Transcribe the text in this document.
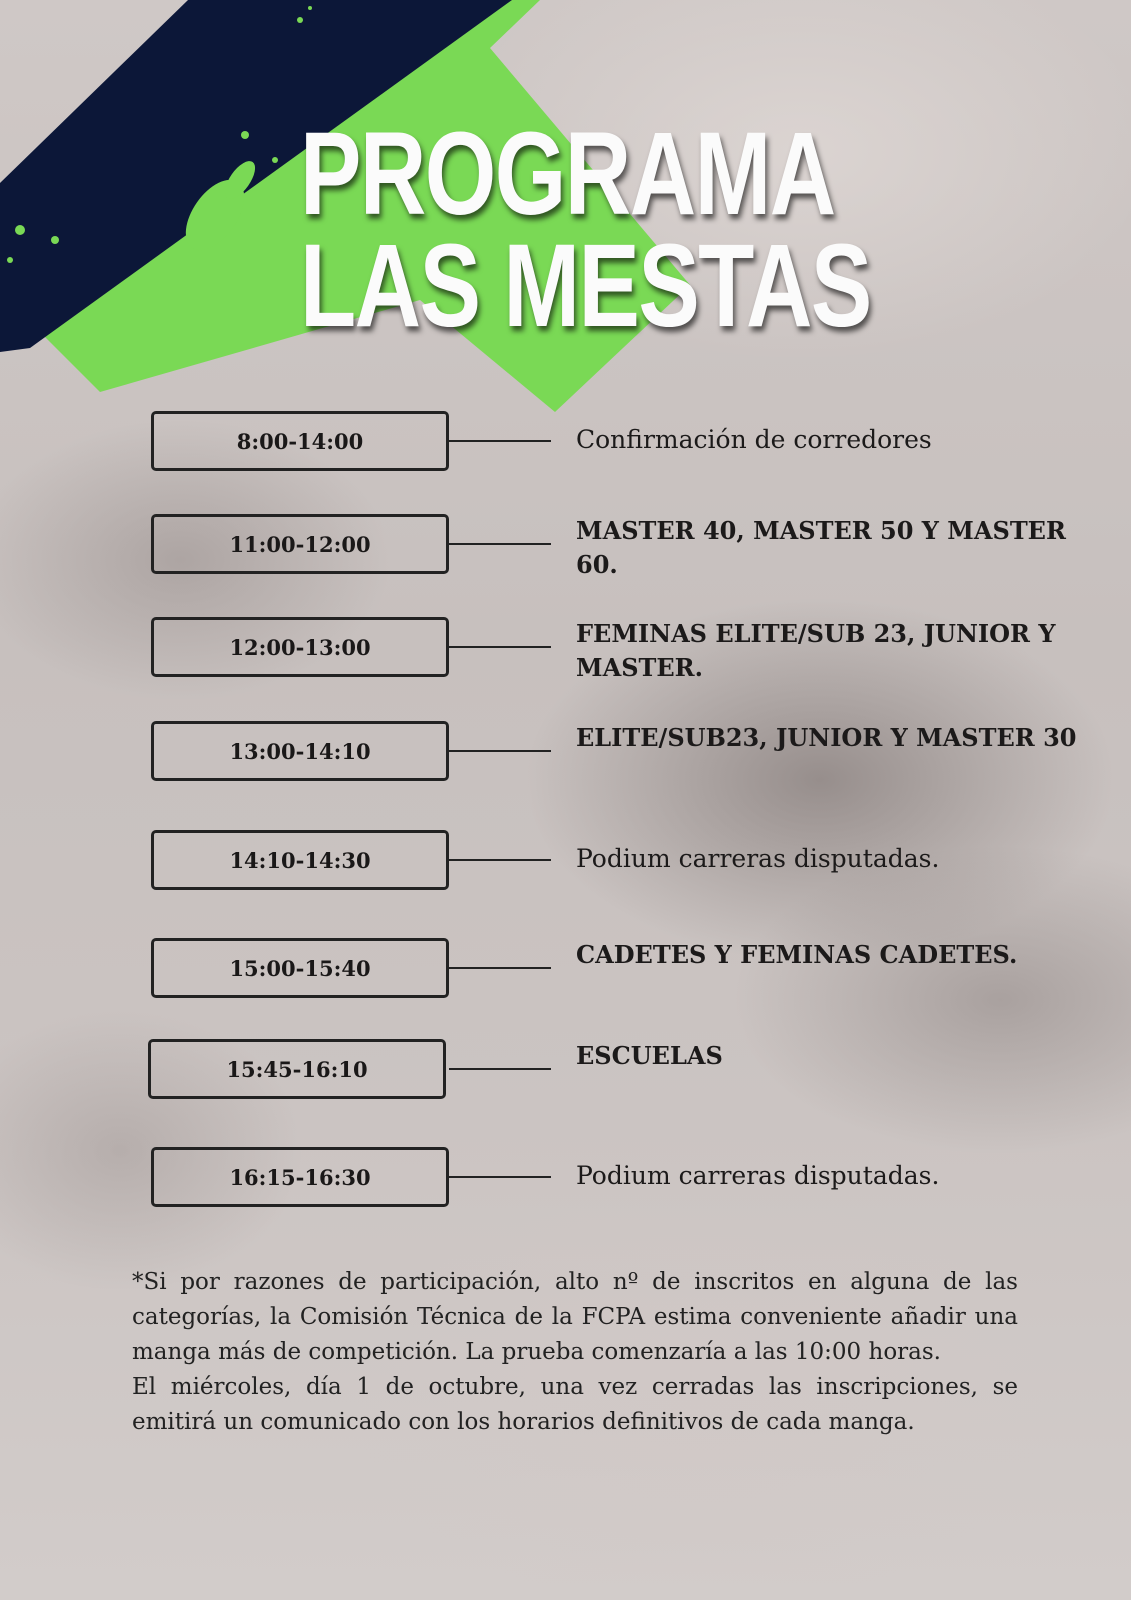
PROGRAMA
LAS MESTAS
8:00-14:00	Confirmación de corredores
11:00-12:00	MASTER 40, MASTER 50 Y MASTER 60.
12:00-13:00	FEMINAS ELITE/SUB 23, JUNIOR Y MASTER.
13:00-14:10	ELITE/SUB23, JUNIOR Y MASTER 30
14:10-14:30	Podium carreras disputadas.
15:00-15:40	CADETES Y FEMINAS CADETES.
15:45-16:10	ESCUELAS
16:15-16:30	Podium carreras disputadas.

*Si por razones de participación, alto nº de inscritos en alguna de las categorías, la Comisión Técnica de la FCPA estima conveniente añadir una manga más de competición. La prueba comenzaría a las 10:00 horas.

El miércoles, día 1 de octubre, una vez cerradas las inscripciones, se emitirá un comunicado con los horarios definitivos de cada manga.
